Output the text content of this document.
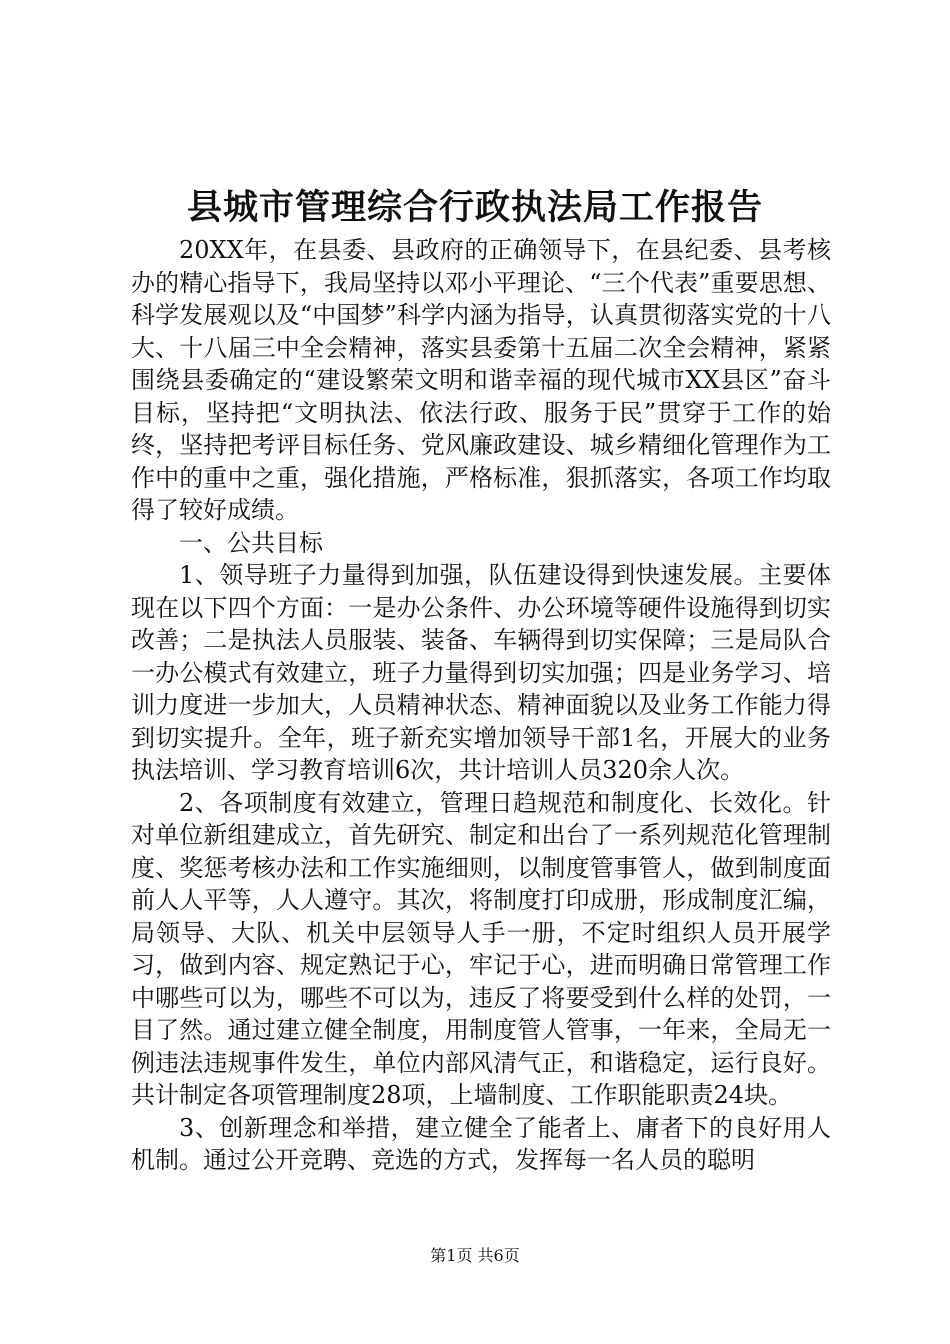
县城市管理综合行政执法局工作报告

20XX年，在县委、县政府的正确领导下，在县纪委、县考核办的精心指导下，我局坚持以邓小平理论、“三个代表”重要思想、科学发展观以及“中国梦”科学内涵为指导，认真贯彻落实党的十八大、十八届三中全会精神，落实县委第十五届二次全会精神，紧紧围绕县委确定的“建设繁荣文明和谐幸福的现代城市XX县区”奋斗目标，坚持把“文明执法、依法行政、服务于民”贯穿于工作的始终，坚持把考评目标任务、党风廉政建设、城乡精细化管理作为工作中的重中之重，强化措施，严格标准，狠抓落实，各项工作均取得了较好成绩。

一、公共目标

1、领导班子力量得到加强，队伍建设得到快速发展。主要体现在以下四个方面：一是办公条件、办公环境等硬件设施得到切实改善；二是执法人员服装、装备、车辆得到切实保障；三是局队合一办公模式有效建立，班子力量得到切实加强；四是业务学习、培训力度进一步加大，人员精神状态、精神面貌以及业务工作能力得到切实提升。全年，班子新充实增加领导干部1名，开展大的业务执法培训、学习教育培训6次，共计培训人员320余人次。

2、各项制度有效建立，管理日趋规范和制度化、长效化。针对单位新组建成立，首先研究、制定和出台了一系列规范化管理制度、奖惩考核办法和工作实施细则，以制度管事管人，做到制度面前人人平等，人人遵守。其次，将制度打印成册，形成制度汇编，局领导、大队、机关中层领导人手一册，不定时组织人员开展学习，做到内容、规定熟记于心，牢记于心，进而明确日常管理工作中哪些可以为，哪些不可以为，违反了将要受到什么样的处罚，一目了然。通过建立健全制度，用制度管人管事，一年来，全局无一例违法违规事件发生，单位内部风清气正，和谐稳定，运行良好。共计制定各项管理制度28项，上墙制度、工作职能职责24块。

3、创新理念和举措，建立健全了能者上、庸者下的良好用人机制。通过公开竞聘、竞选的方式，发挥每一名人员的聪明

第1页 共6页
